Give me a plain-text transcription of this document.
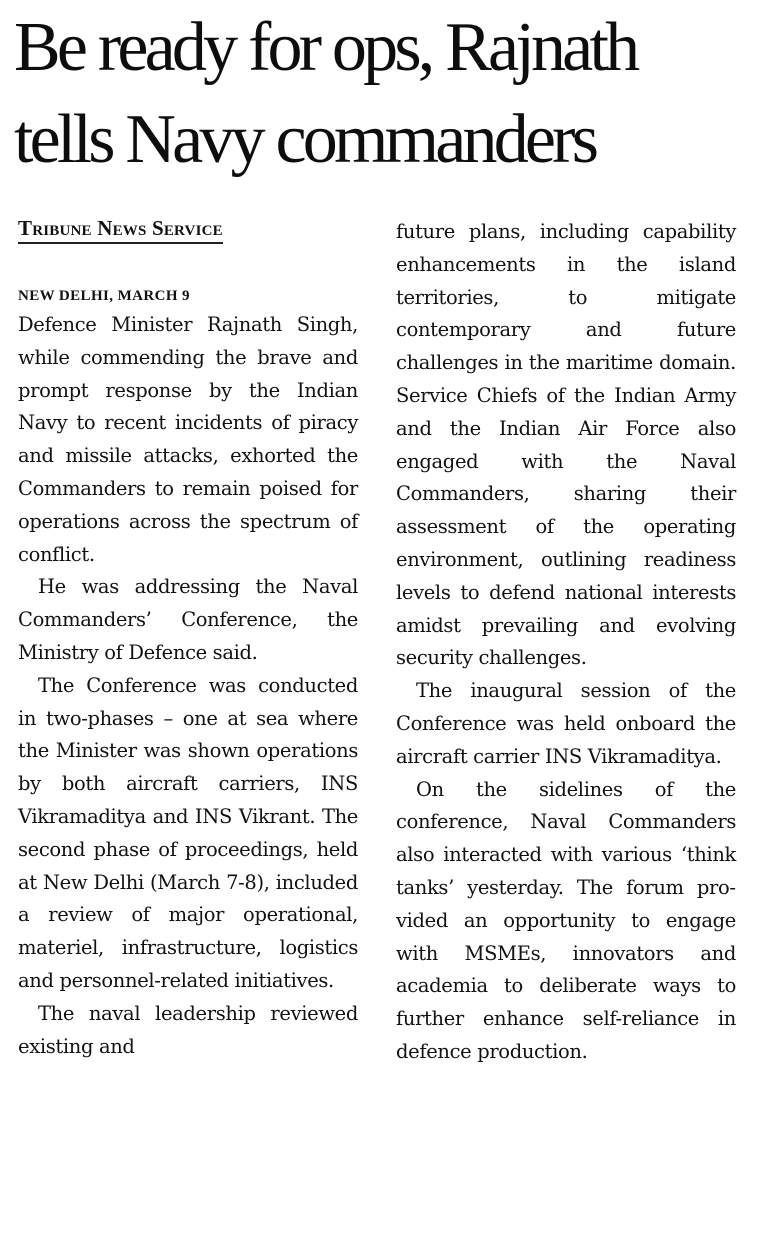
Be ready for ops, Rajnath
tells Navy commanders
Tribune News Service
NEW DELHI, MARCH 9

Defence Minister Rajnath Singh, while commending the brave and prompt response by the Indian Navy to recent incidents of piracy and missile attacks, exhorted the Commanders to remain poised for operations across the spectrum of conflict.

He was addressing the Naval Commanders’ Conference, the Ministry of Defence said.

The Conference was conducted in two-phases – one at sea where the Minister was shown operations by both aircraft carriers, INS Vikramaditya and INS Vikrant. The second phase of proceedings, held at New Delhi (March 7-8), included a review of major operational, materiel, infrastructure, logistics and personnel-related initiatives.

The naval leadership reviewed existing and

future plans, including capability enhancements in the island territories, to mitigate contemporary and future challenges in the maritime domain. Service Chiefs of the Indian Army and the Indian Air Force also engaged with the Naval Commanders, sharing their assessment of the operating environment, outlining readiness levels to defend national interests amidst prevailing and evolving security challenges.

The inaugural session of the Conference was held onboard the aircraft carrier INS Vikramaditya.

On the sidelines of the conference, Naval Commanders also interacted with various ‘think tanks’ yesterday. The forum provided an opportunity to engage with MSMEs, innovators and academia to deliberate ways to further enhance self-reliance in defence production.
